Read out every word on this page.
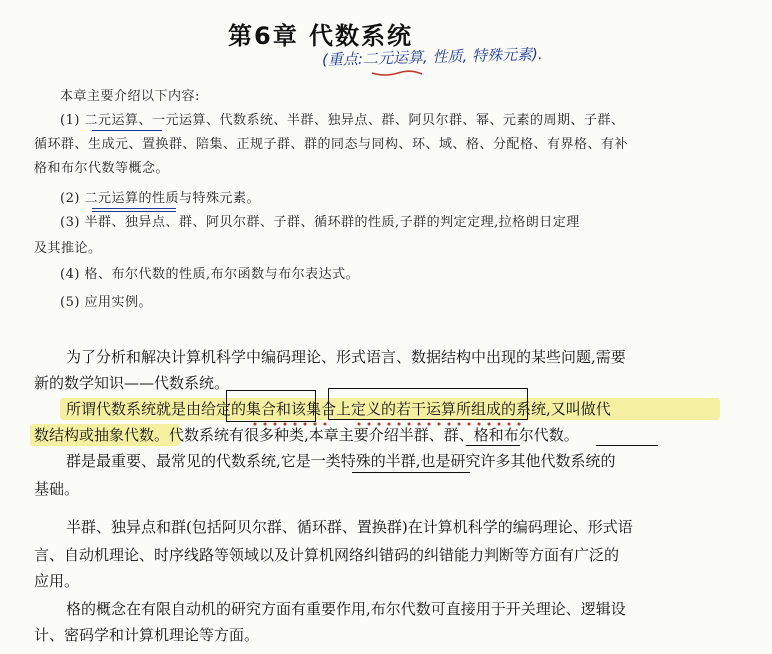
第6章 代数系统
(重点:二元运算, 性质, 特殊元素).
本章主要介绍以下内容:
(1) 二元运算、一元运算、代数系统、半群、独异点、群、阿贝尔群、幂、元素的周期、子群、
循环群、生成元、置换群、陪集、正规子群、群的同态与同构、环、域、格、分配格、有界格、有补
格和布尔代数等概念。
(2) 二元运算的性质与特殊元素。
(3) 半群、独异点、群、阿贝尔群、子群、循环群的性质,子群的判定定理,拉格朗日定理
及其推论。
(4) 格、布尔代数的性质,布尔函数与布尔表达式。
(5) 应用实例。
为了分析和解决计算机科学中编码理论、形式语言、数据结构中出现的某些问题,需要
新的数学知识——代数系统。
所谓代数系统就是由给定的集合和该集合上定义的若干运算所组成的系统,又叫做代
数结构或抽象代数。代数系统有很多种类,本章主要介绍半群、群、格和布尔代数。
群是最重要、最常见的代数系统,它是一类特殊的半群,也是研究许多其他代数系统的
基础。
半群、独异点和群(包括阿贝尔群、循环群、置换群)在计算机科学的编码理论、形式语
言、自动机理论、时序线路等领域以及计算机网络纠错码的纠错能力判断等方面有广泛的
应用。
格的概念在有限自动机的研究方面有重要作用,布尔代数可直接用于开关理论、逻辑设
计、密码学和计算机理论等方面。
